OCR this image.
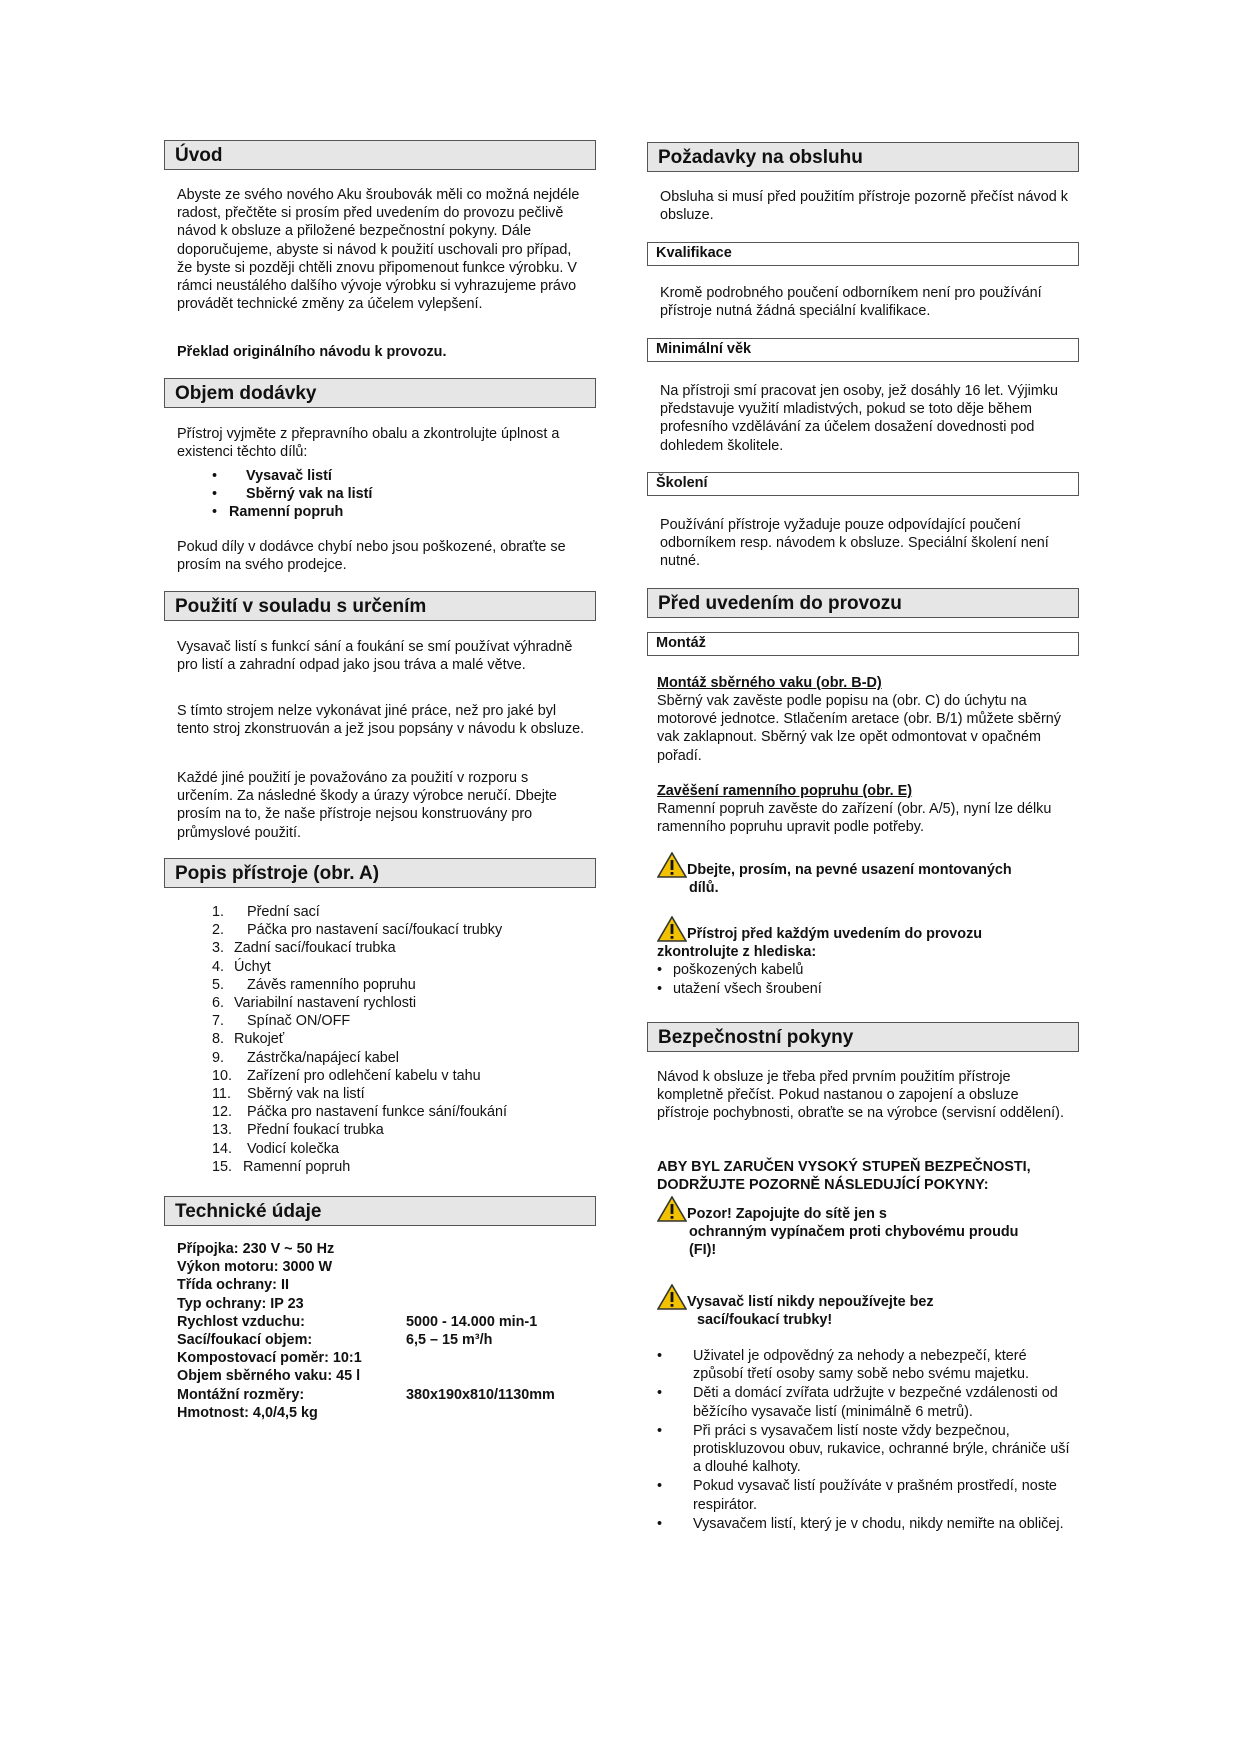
Úvod

Abyste ze svého nového Aku šroubovák měli co možná nejdéle radost, přečtěte si prosím před uvedením do provozu pečlivě návod k obsluze a přiložené bezpečnostní pokyny. Dále doporučujeme, abyste si návod k použití uschovali pro případ, že byste si později chtěli znovu připomenout funkce výrobku. V rámci neustálého dalšího vývoje výrobku si vyhrazujeme právo provádět technické změny za účelem vylepšení.

Překlad originálního návodu k provozu.

Objem dodávky

Přístroj vyjměte z přepravního obalu a zkontrolujte úplnost a existenci těchto dílů:

• Vysavač listí
• Sběrný vak na listí
• Ramenní popruh

Pokud díly v dodávce chybí nebo jsou poškozené, obraťte se prosím na svého prodejce.

Použití v souladu s určením

Vysavač listí s funkcí sání a foukání se smí používat výhradně pro listí a zahradní odpad jako jsou tráva a malé větve.

S tímto strojem nelze vykonávat jiné práce, než pro jaké byl tento stroj zkonstruován a jež jsou popsány v návodu k obsluze.

Každé jiné použití je považováno za použití v rozporu s určením. Za následné škody a úrazy výrobce neručí. Dbejte prosím na to, že naše přístroje nejsou konstruovány pro průmyslové použití.

Popis přístroje (obr. A)
1. Přední sací
2. Páčka pro nastavení sací/foukací trubky
3. Zadní sací/foukací trubka
4. Úchyt
5. Závěs ramenního popruhu
6. Variabilní nastavení rychlosti
7. Spínač ON/OFF
8. Rukojeť
9. Zástrčka/napájecí kabel
10. Zařízení pro odlehčení kabelu v tahu
11. Sběrný vak na listí
12. Páčka pro nastavení funkce sání/foukání
13. Přední foukací trubka
14. Vodicí kolečka
15. Ramenní popruh
Technické údaje
Přípojka: 230 V ~ 50 Hz	
Výkon motoru: 3000 W	
Třída ochrany: II	
Typ ochrany: IP 23	
Rychlost vzduchu:	5000 - 14.000 min-1
Sací/foukací objem:	6,5 – 15 m³/h
Kompostovací poměr: 10:1	
Objem sběrného vaku: 45 l	
Montážní rozměry:	380x190x810/1130mm
Hmotnost: 4,0/4,5 kg	
Požadavky na obsluhu

Obsluha si musí před použitím přístroje pozorně přečíst návod k obsluze.

Kvalifikace

Kromě podrobného poučení odborníkem není pro používání přístroje nutná žádná speciální kvalifikace.

Minimální věk

Na přístroji smí pracovat jen osoby, jež dosáhly 16 let. Výjimku představuje využití mladistvých, pokud se toto děje během profesního vzdělávání za účelem dosažení dovednosti pod dohledem školitele.

Školení

Používání přístroje vyžaduje pouze odpovídající poučení odborníkem resp. návodem k obsluze. Speciální školení není nutné.

Před uvedením do provozu
Montáž

Montáž sběrného vaku (obr. B-D)

Sběrný vak zavěste podle popisu na (obr. C) do úchytu na motorové jednotce. Stlačením aretace (obr. B/1) můžete sběrný vak zaklapnout. Sběrný vak lze opět odmontovat v opačném pořadí.

Zavěšení ramenního popruhu (obr. E)

Ramenní popruh zavěste do zařízení (obr. A/5), nyní lze délku ramenního popruhu upravit podle potřeby.

Dbejte, prosím, na pevné usazení montovaných
dílů.
Přístroj před každým uvedením do provozu
zkontrolujte z hlediska:
• poškozených kabelů
• utažení všech šroubení
Bezpečnostní pokyny

Návod k obsluze je třeba před prvním použitím přístroje kompletně přečíst. Pokud nastanou o zapojení a obsluze přístroje pochybnosti, obraťte se na výrobce (servisní oddělení).

ABY BYL ZARUČEN VYSOKÝ STUPEŇ BEZPEČNOSTI,
DODRŽUJTE POZORNĚ NÁSLEDUJÍCÍ POKYNY:
Pozor! Zapojujte do sítě jen s
ochranným vypínačem proti chybovému proudu
(FI)!
Vysavač listí nikdy nepoužívejte bez
sací/foukací trubky!
•	Uživatel je odpovědný za nehody a nebezpečí, které způsobí třetí osoby samy sobě nebo svému majetku.
•	Děti a domácí zvířata udržujte v bezpečné vzdálenosti od běžícího vysavače listí (minimálně 6 metrů).
•	Při práci s vysavačem listí noste vždy bezpečnou, protiskluzovou obuv, rukavice, ochranné brýle, chrániče uší a dlouhé kalhoty.
•	Pokud vysavač listí používáte v prašném prostředí, noste respirátor.
•	Vysavačem listí, který je v chodu, nikdy nemiřte na obličej.
